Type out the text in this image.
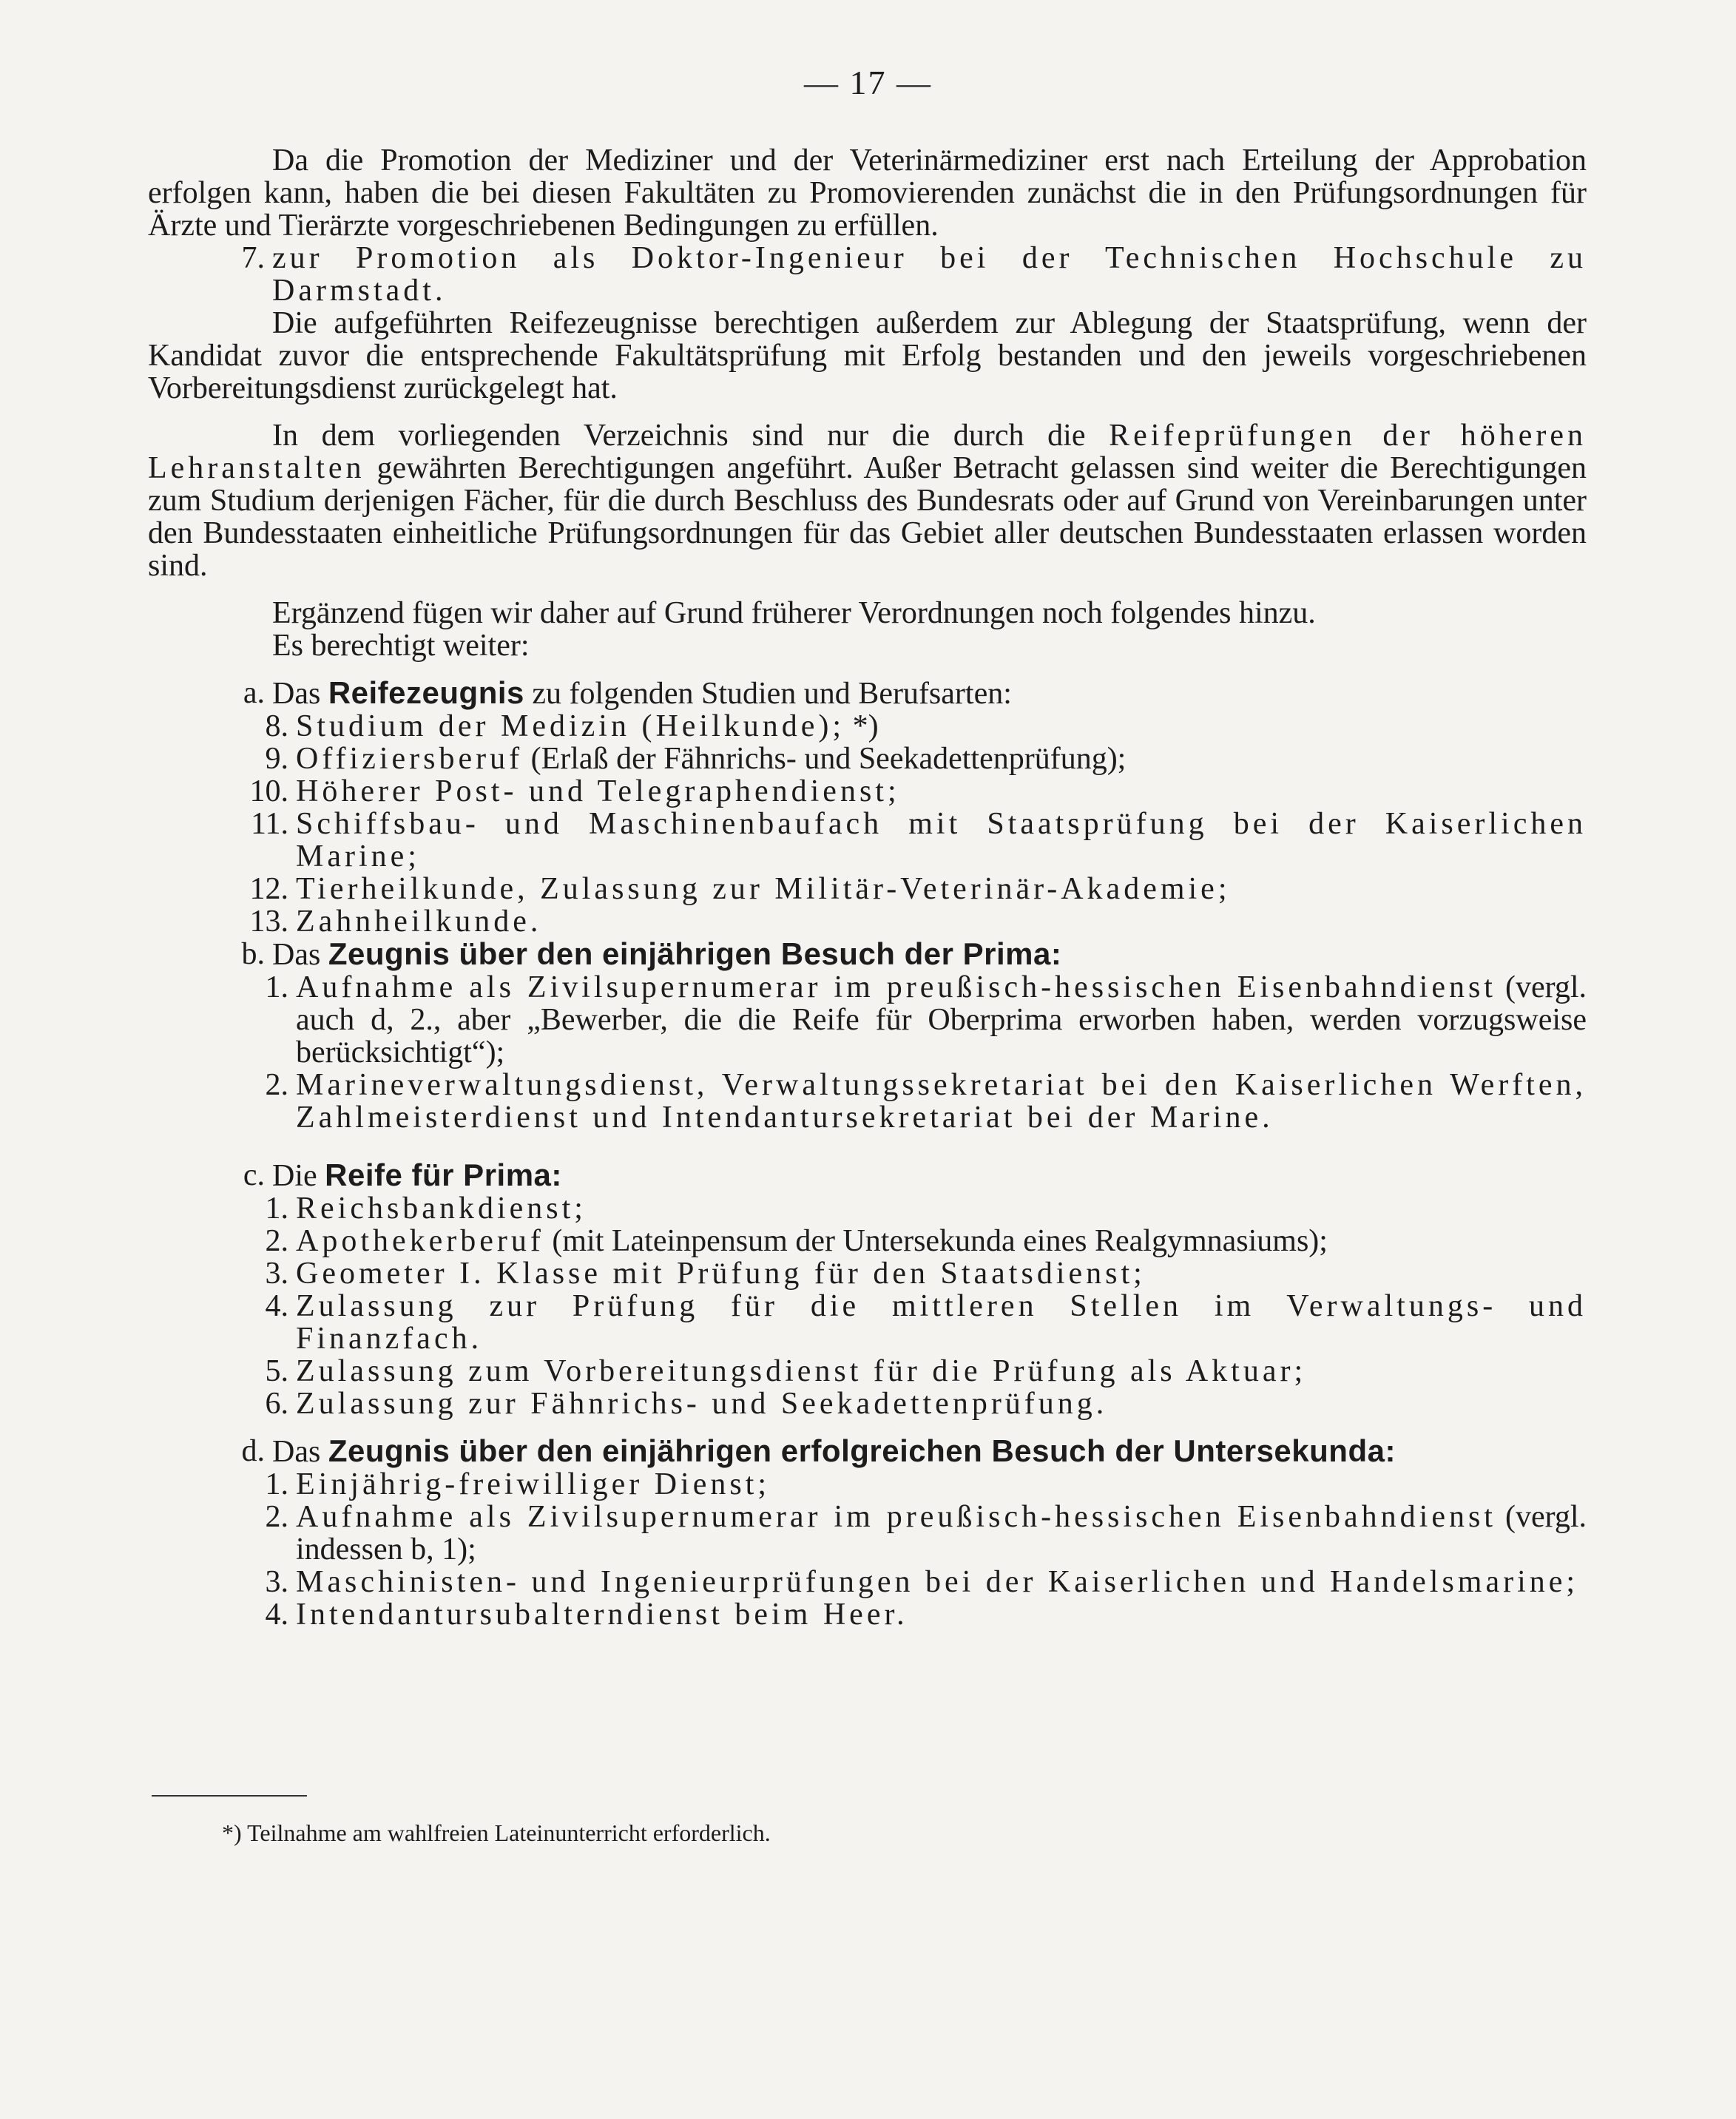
— 17 —

Da die Promotion der Mediziner und der Veterinärmediziner erst nach Erteilung der Approbation erfolgen kann, haben die bei diesen Fakultäten zu Promovierenden zunächst die in den Prüfungsordnungen für Ärzte und Tierärzte vorgeschriebenen Bedingungen zu erfüllen.

7. zur Promotion als Doktor-Ingenieur bei der Technischen Hochschule zu Darmstadt.

Die aufgeführten Reifezeugnisse berechtigen außerdem zur Ablegung der Staatsprüfung, wenn der Kandidat zuvor die entsprechende Fakultätsprüfung mit Erfolg bestanden und den jeweils vorgeschriebenen Vorbereitungsdienst zurückgelegt hat.

In dem vorliegenden Verzeichnis sind nur die durch die Reifeprüfungen der höheren Lehranstalten gewährten Berechtigungen angeführt. Außer Betracht gelassen sind weiter die Berechtigungen zum Studium derjenigen Fächer, für die durch Beschluss des Bundesrats oder auf Grund von Vereinbarungen unter den Bundesstaaten einheitliche Prüfungsordnungen für das Gebiet aller deutschen Bundesstaaten erlassen worden sind.

Ergänzend fügen wir daher auf Grund früherer Verordnungen noch folgendes hinzu.

Es berechtigt weiter:

a. Das Reifezeugnis zu folgenden Studien und Berufsarten:
8. Studium der Medizin (Heilkunde); *)
9. Offiziersberuf (Erlaß der Fähnrichs- und Seekadettenprüfung);
10. Höherer Post- und Telegraphendienst;
11. Schiffsbau- und Maschinenbaufach mit Staatsprüfung bei der Kaiserlichen Marine;
12. Tierheilkunde, Zulassung zur Militär-Veterinär-Akademie;
13. Zahnheilkunde.
b. Das Zeugnis über den einjährigen Besuch der Prima:
1. Aufnahme als Zivilsupernumerar im preußisch-hessischen Eisenbahndienst (vergl. auch d, 2., aber „Bewerber, die die Reife für Oberprima erworben haben, werden vorzugsweise berücksichtigt“);
2. Marineverwaltungsdienst, Verwaltungssekretariat bei den Kaiserlichen Werften, Zahlmeisterdienst und Intendantursekretariat bei der Marine.
c. Die Reife für Prima:
1. Reichsbankdienst;
2. Apothekerberuf (mit Lateinpensum der Untersekunda eines Realgymnasiums);
3. Geometer I. Klasse mit Prüfung für den Staatsdienst;
4. Zulassung zur Prüfung für die mittleren Stellen im Verwaltungs- und Finanzfach.
5. Zulassung zum Vorbereitungsdienst für die Prüfung als Aktuar;
6. Zulassung zur Fähnrichs- und Seekadettenprüfung.
d. Das Zeugnis über den einjährigen erfolgreichen Besuch der Untersekunda:
1. Einjährig-freiwilliger Dienst;
2. Aufnahme als Zivilsupernumerar im preußisch-hessischen Eisenbahndienst (vergl. indessen b, 1);
3. Maschinisten- und Ingenieurprüfungen bei der Kaiserlichen und Handelsmarine;
4. Intendantursubalterndienst beim Heer.
*) Teilnahme am wahlfreien Lateinunterricht erforderlich.
